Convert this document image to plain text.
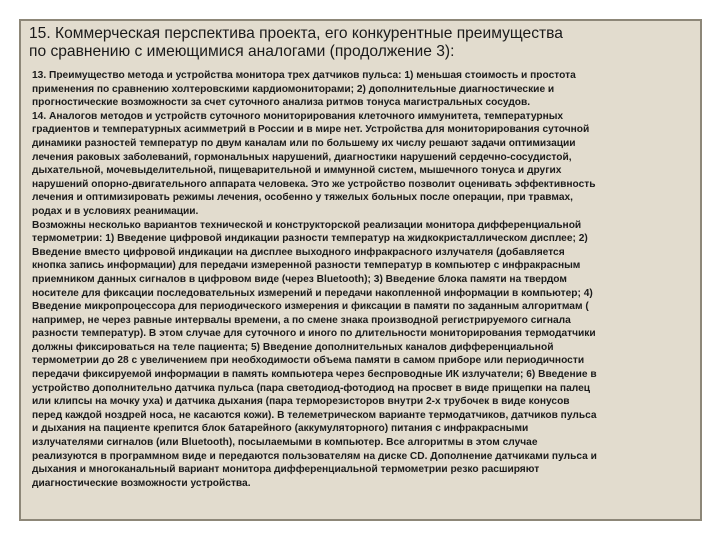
15. Коммерческая перспектива проекта, его конкурентные преимущества
по сравнению с имеющимися аналогами (продолжение 3):
13. Преимущество метода и устройства монитора трех датчиков пульса: 1) меньшая стоимость и простота
применения по сравнению холтеровскими кардиомониторами; 2) дополнительные диагностические и
прогностические возможности за счет суточного анализа ритмов тонуса магистральных сосудов.
14. Аналогов методов и устройств суточного мониторирования клеточного иммунитета, температурных
градиентов и температурных асимметрий в России и в мире нет. Устройства для мониторирования суточной
динамики разностей температур по двум каналам или по большему их числу решают задачи оптимизации
лечения раковых заболеваний, гормональных нарушений, диагностики нарушений сердечно-сосудистой,
дыхательной, мочевыделительной, пищеварительной и иммунной систем, мышечного тонуса и других
нарушений опорно-двигательного аппарата человека. Это же устройство позволит оценивать эффективность
лечения и оптимизировать режимы лечения, особенно у тяжелых больных после операции, при травмах,
родах и в условиях реанимации.
Возможны несколько вариантов технической и конструкторской реализации монитора дифференциальной
термометрии: 1) Введение цифровой индикации разности температур на жидкокристаллическом дисплее; 2)
Введение вместо цифровой индикации на дисплее выходного инфракрасного излучателя (добавляется
кнопка запись информации) для передачи измеренной разности температур в компьютер с инфракрасным
приемником данных сигналов в цифровом виде (через Bluetooth); 3) Введение блока памяти на твердом
носителе для фиксации последовательных измерений и передачи накопленной информации в компьютер; 4)
Введение микропроцессора для периодического измерения и фиксации в памяти по заданным алгоритмам (
например, не через равные интервалы времени, а по смене знака производной регистрируемого сигнала
разности температур). В этом случае для суточного и иного по длительности мониторирования термодатчики
должны фиксироваться на теле пациента; 5) Введение дополнительных каналов дифференциальной
термометрии до 28 с увеличением при необходимости объема памяти в самом приборе или периодичности
передачи фиксируемой информации в память компьютера через беспроводные ИК излучатели; 6) Введение в
устройство дополнительно датчика пульса (пара светодиод-фотодиод на просвет в виде прищепки на палец
или клипсы на мочку уха) и датчика дыхания (пара терморезисторов внутри 2-х трубочек в виде конусов
перед каждой ноздрей носа, не касаются кожи). В телеметрическом варианте термодатчиков, датчиков пульса
и дыхания на пациенте крепится блок батарейного (аккумуляторного) питания с инфракрасными
излучателями сигналов (или Bluetooth), посылаемыми в компьютер. Все алгоритмы в этом случае
реализуются в программном виде и передаются пользователям на диске CD. Дополнение датчиками пульса и
дыхания и многоканальный вариант монитора дифференциальной термометрии резко расширяют
диагностические возможности устройства.
